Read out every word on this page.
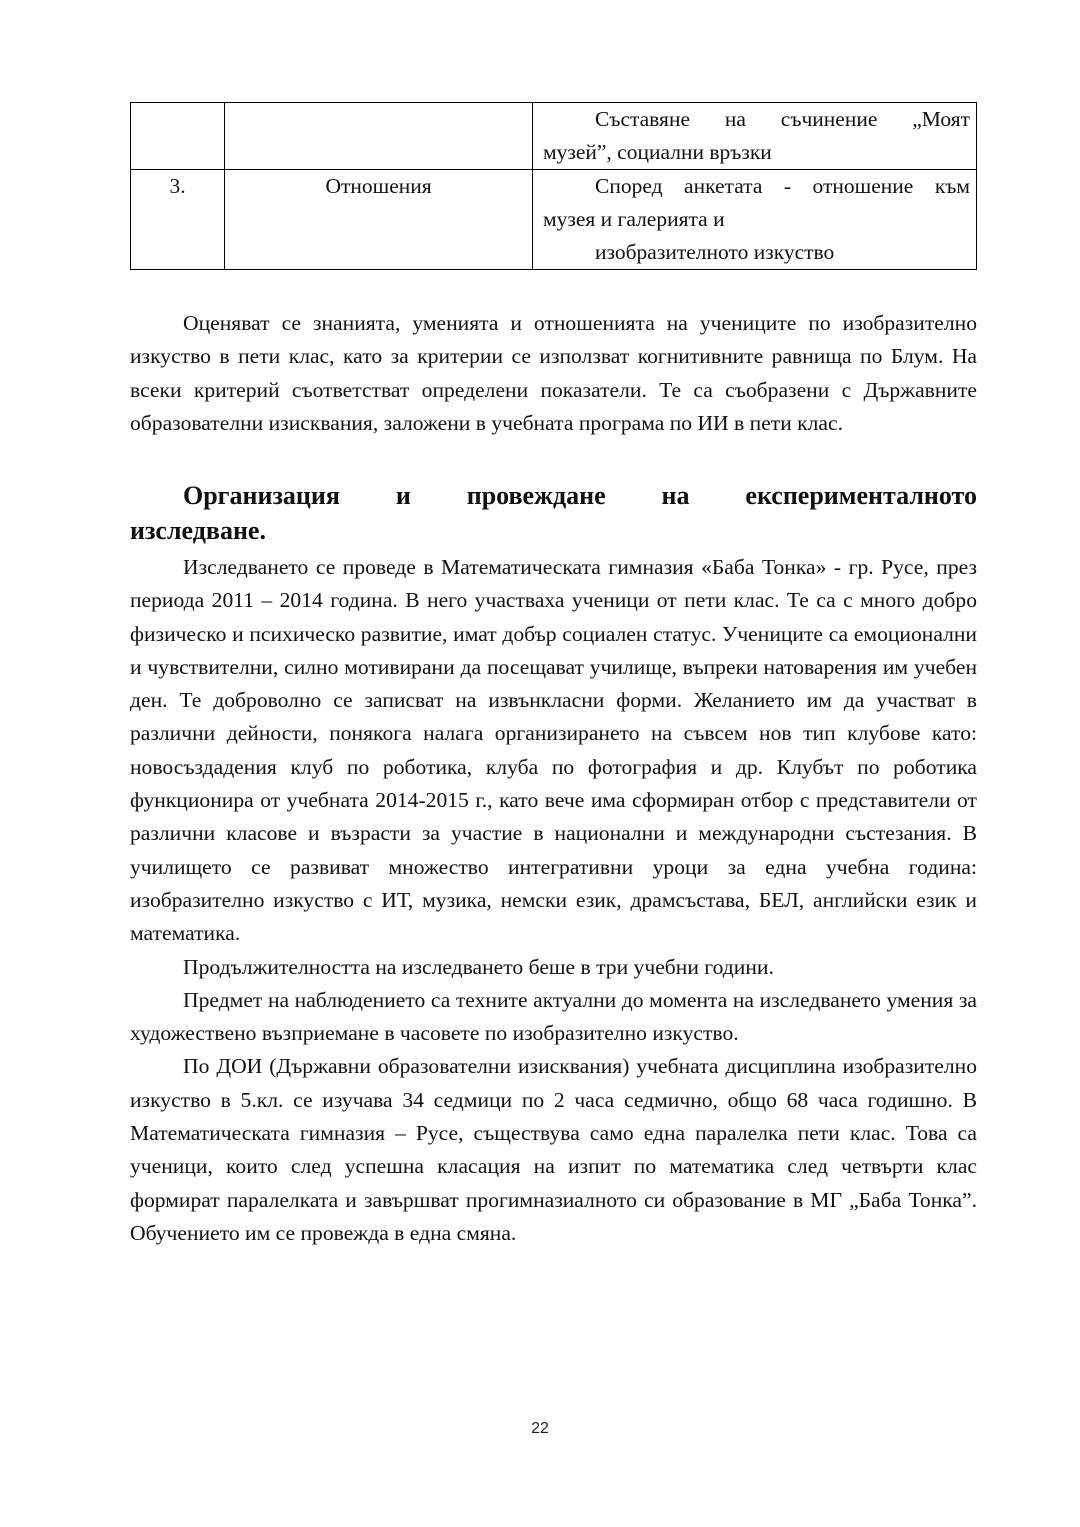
		Съставяне на съчинение „Моят
музей”, социални връзки

3.	Отношения	Според анкетата - отношение към
музея и галерията и
изобразителното изкуство

Оценяват се знанията, уменията и отношенията на учениците по изобразително изкуство в пети клас, като за критерии се използват когнитивните равнища по Блум. На всеки критерий съответстват определени показатели. Те са съобразени с Държавните образователни изисквания, заложени в учебната програма по ИИ в пети клас.

Организация и провеждане на експерименталното
изследване.

Изследването се проведе в Математическата гимназия «Баба Тонка» - гр. Русе, през периода 2011 – 2014 година. В него участваха ученици от пети клас. Те са с много добро физическо и психическо развитие, имат добър социален статус. Учениците са емоционални и чувствителни, силно мотивирани да посещават училище, въпреки натоварения им учебен ден. Те доброволно се записват на извънкласни форми. Желанието им да участват в различни дейности, понякога налага организирането на съвсем нов тип клубове като: новосъздадения клуб по роботика, клуба по фотография и др. Клубът по роботика функционира от учебната 2014-2015 г., като вече има сформиран отбор с представители от различни класове и възрасти за участие в национални и международни състезания. В училището се развиват множество интегративни уроци за една учебна година: изобразително изкуство с ИТ, музика, немски език, драмсъстава, БЕЛ, английски език и математика.

Продължителността на изследването беше в три учебни години.

Предмет на наблюдението са техните актуални до момента на изследването умения за художествено възприемане в часовете по изобразително изкуство.

По ДОИ (Държавни образователни изисквания) учебната дисциплина изобразително изкуство в 5.кл. се изучава 34 седмици по 2 часа седмично, общо 68 часа годишно. В Математическата гимназия – Русе, съществува само една паралелка пети клас. Това са ученици, които след успешна класация на изпит по математика след четвърти клас формират паралелката и завършват прогимназиалното си образование в МГ „Баба Тонка”. Обучението им се провежда в една смяна.

22
